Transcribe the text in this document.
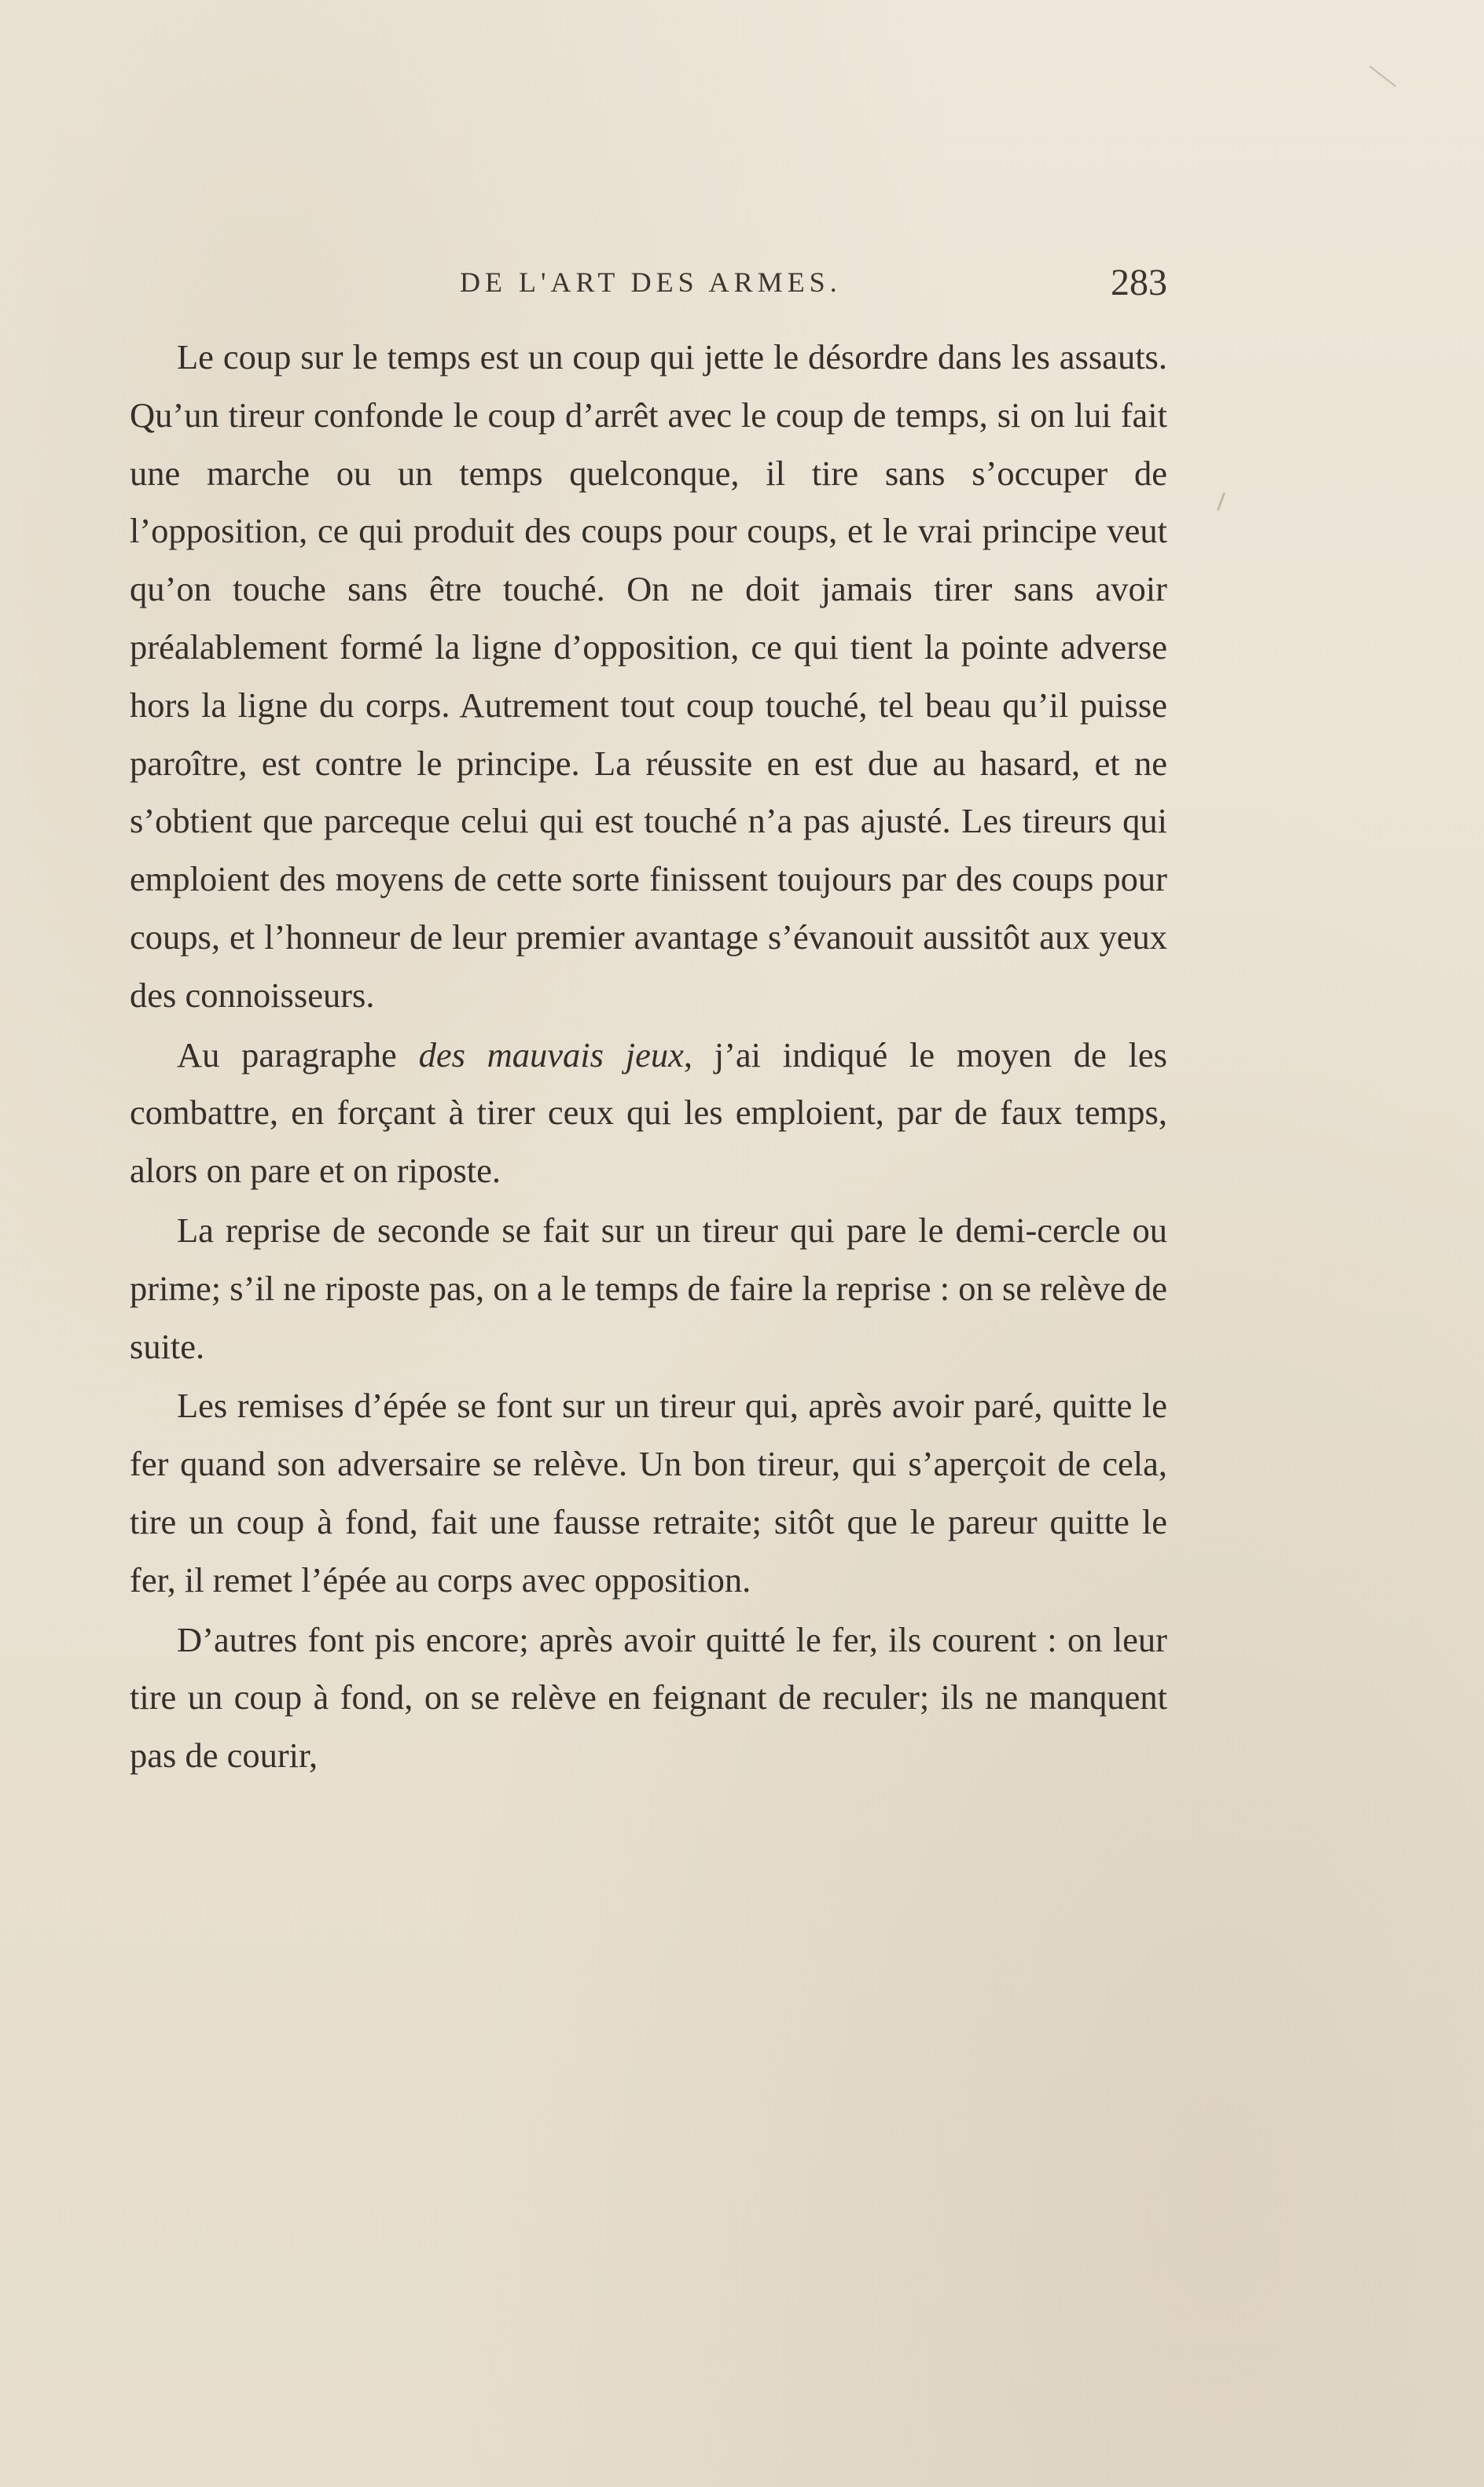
DE L'ART DES ARMES.	283

Le coup sur le temps est un coup qui jette le désordre dans les assauts. Qu’un tireur confonde le coup d’arrêt avec le coup de temps, si on lui fait une marche ou un temps quelconque, il tire sans s’occuper de l’opposition, ce qui produit des coups pour coups, et le vrai principe veut qu’on touche sans être touché. On ne doit jamais tirer sans avoir préalablement formé la ligne d’opposition, ce qui tient la pointe adverse hors la ligne du corps. Autrement tout coup touché, tel beau qu’il puisse paroître, est contre le principe. La réussite en est due au hasard, et ne s’obtient que parceque celui qui est touché n’a pas ajusté. Les tireurs qui emploient des moyens de cette sorte finissent toujours par des coups pour coups, et l’honneur de leur premier avantage s’évanouit aussitôt aux yeux des connoisseurs.

Au paragraphe des mauvais jeux, j’ai indiqué le moyen de les combattre, en forçant à tirer ceux qui les emploient, par de faux temps, alors on pare et on riposte.

La reprise de seconde se fait sur un tireur qui pare le demi-cercle ou prime; s’il ne riposte pas, on a le temps de faire la reprise : on se relève de suite.

Les remises d’épée se font sur un tireur qui, après avoir paré, quitte le fer quand son adversaire se relève. Un bon tireur, qui s’aperçoit de cela, tire un coup à fond, fait une fausse retraite; sitôt que le pareur quitte le fer, il remet l’épée au corps avec opposition.

D’autres font pis encore; après avoir quitté le fer, ils courent : on leur tire un coup à fond, on se relève en feignant de reculer; ils ne manquent pas de courir,
